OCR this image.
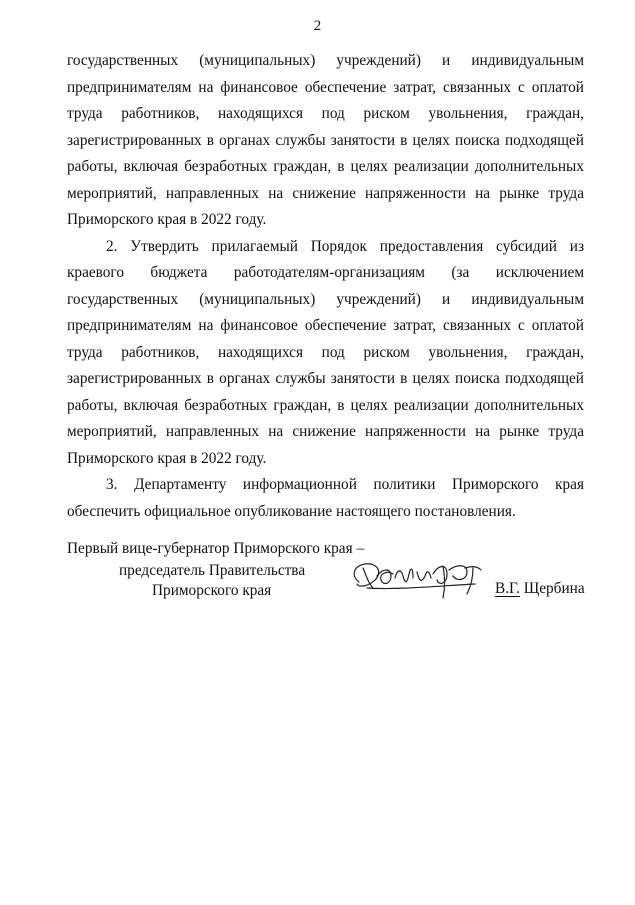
2

государственных (муниципальных) учреждений) и индивидуальным предпринимателям на финансовое обеспечение затрат, связанных с оплатой труда работников, находящихся под риском увольнения, граждан, зарегистрированных в органах службы занятости в целях поиска подходящей работы, включая безработных граждан, в целях реализации дополнительных мероприятий, направленных на снижение напряженности на рынке труда Приморского края в 2022 году.

2. Утвердить прилагаемый Порядок предоставления субсидий из краевого бюджета работодателям-организациям (за исключением государственных (муниципальных) учреждений) и индивидуальным предпринимателям на финансовое обеспечение затрат, связанных с оплатой труда работников, находящихся под риском увольнения, граждан, зарегистрированных в органах службы занятости в целях поиска подходящей работы, включая безработных граждан, в целях реализации дополнительных мероприятий, направленных на снижение напряженности на рынке труда Приморского края в 2022 году.

3. Департаменту информационной политики Приморского края обеспечить официальное опубликование настоящего постановления.

Первый вице-губернатор Приморского края –
председатель Правительства
Приморского края	В.Г. Щербина
